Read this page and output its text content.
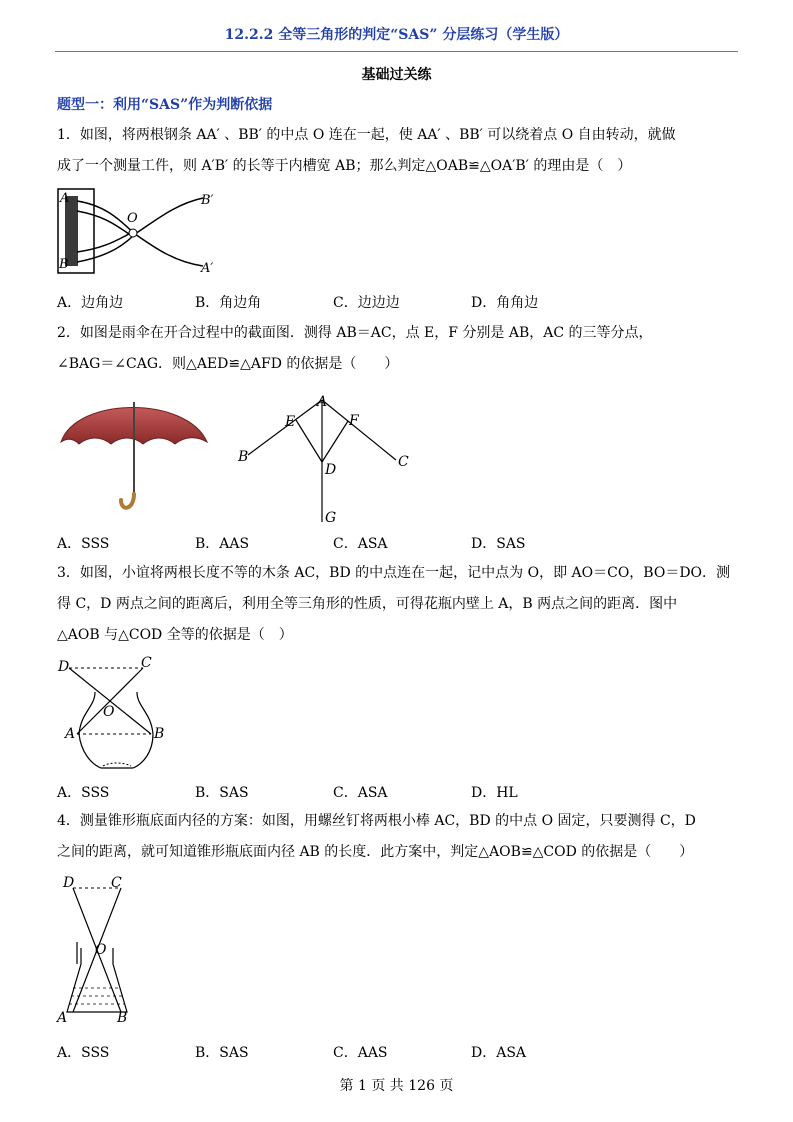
12.2.2 全等三角形的判定“SAS” 分层练习（学生版）
基础过关练
题型一：利用“SAS”作为判断依据
1．如图，将两根钢条 AA′ 、BB′ 的中点 O 连在一起，使 AA′ 、BB′ 可以绕着点 O 自由转动，就做
成了一个测量工件，则 A′B′ 的长等于内槽宽 AB；那么判定△OAB≌△OA′B′ 的理由是（　）
A
B
O
B′
A′
A．边角边	B．角边角	C．边边边	D．角角边
2．如图是雨伞在开合过程中的截面图．测得 AB＝AC，点 E，F 分别是 AB，AC 的三等分点，
∠BAG＝∠CAG．则△AED≌△AFD 的依据是（　　）
A
B	C
D
E	F
G
A．SSS	B．AAS	C．ASA	D．SAS
3．如图，小谊将两根长度不等的木条 AC，BD 的中点连在一起，记中点为 O，即 AO＝CO，BO＝DO．测
得 C，D 两点之间的距离后，利用全等三角形的性质，可得花瓶内壁上 A，B 两点之间的距离．图中
△AOB 与△COD 全等的依据是（　）
D	C
O
A	B
A．SSS	B．SAS	C．ASA	D．HL
4．测量锥形瓶底面内径的方案：如图，用螺丝钉将两根小棒 AC，BD 的中点 O 固定，只要测得 C，D
之间的距离，就可知道锥形瓶底面内径 AB 的长度．此方案中，判定△AOB≌△COD 的依据是（　　）
D	C
O
A	B
A．SSS	B．SAS	C．AAS	D．ASA
第 1 页 共 126 页
